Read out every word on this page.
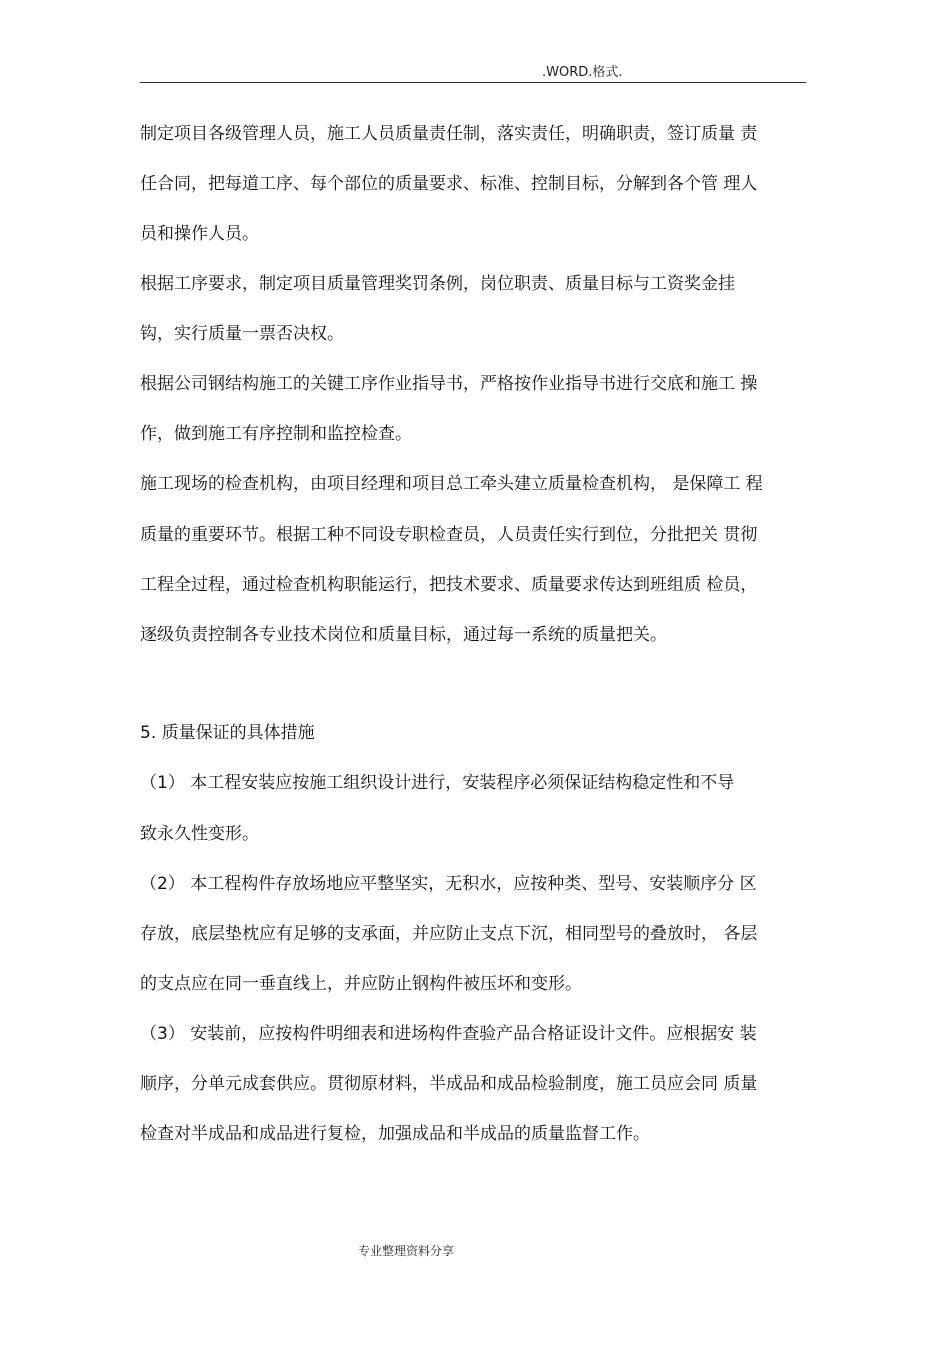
.WORD.格式.
制定项目各级管理人员，施工人员质量责任制，落实责任，明确职责，签订质量 责
任合同，把每道工序、每个部位的质量要求、标准、控制目标，分解到各个管 理人
员和操作人员。
根据工序要求，制定项目质量管理奖罚条例，岗位职责、质量目标与工资奖金挂
钩，实行质量一票否决权。
根据公司钢结构施工的关键工序作业指导书，严格按作业指导书进行交底和施工 操
作，做到施工有序控制和监控检查。
施工现场的检查机构，由项目经理和项目总工牵头建立质量检查机构， 是保障工 程
质量的重要环节。根据工种不同设专职检查员，人员责任实行到位，分批把关 贯彻
工程全过程，通过检查机构职能运行，把技术要求、质量要求传达到班组质 检员，
逐级负责控制各专业技术岗位和质量目标，通过每一系统的质量把关。
5. 质量保证的具体措施
（1） 本工程安装应按施工组织设计进行，安装程序必须保证结构稳定性和不导
致永久性变形。
（2） 本工程构件存放场地应平整坚实，无积水，应按种类、型号、安装顺序分 区
存放，底层垫枕应有足够的支承面，并应防止支点下沉，相同型号的叠放时， 各层
的支点应在同一垂直线上，并应防止钢构件被压坏和变形。
（3） 安装前，应按构件明细表和进场构件查验产品合格证设计文件。应根据安 装
顺序，分单元成套供应。贯彻原材料，半成品和成品检验制度，施工员应会同 质量
检查对半成品和成品进行复检，加强成品和半成品的质量监督工作。
专业整理资料分享
